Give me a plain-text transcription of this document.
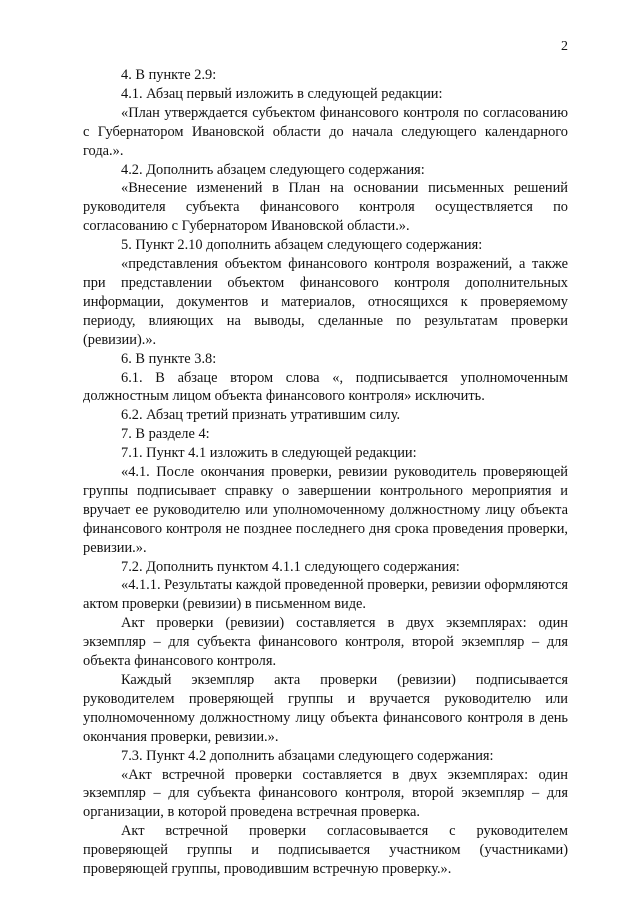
2

4. В пункте 2.9:

4.1. Абзац первый изложить в следующей редакции:

«План утверждается субъектом финансового контроля по согласованию с Губернатором Ивановской области до начала следующего календарного года.».

4.2. Дополнить абзацем следующего содержания:

«Внесение изменений в План на основании письменных решений руководителя субъекта финансового контроля осуществляется по согласованию с Губернатором Ивановской области.».

5. Пункт 2.10 дополнить абзацем следующего содержания:

«представления объектом финансового контроля возражений, а также при представлении объектом финансового контроля дополнительных информации, документов и материалов, относящихся к проверяемому периоду, влияющих на выводы, сделанные по результатам проверки (ревизии).».

6. В пункте 3.8:

6.1. В абзаце втором слова «, подписывается уполномоченным должностным лицом объекта финансового контроля» исключить.

6.2. Абзац третий признать утратившим силу.

7. В разделе 4:

7.1. Пункт 4.1 изложить в следующей редакции:

«4.1. После окончания проверки, ревизии руководитель проверяющей группы подписывает справку о завершении контрольного мероприятия и вручает ее руководителю или уполномоченному должностному лицу объекта финансового контроля не позднее последнего дня срока проведения проверки, ревизии.».

7.2. Дополнить пунктом 4.1.1 следующего содержания:

«4.1.1. Результаты каждой проведенной проверки, ревизии оформляются актом проверки (ревизии) в письменном виде.

Акт проверки (ревизии) составляется в двух экземплярах: один экземпляр – для субъекта финансового контроля, второй экземпляр – для объекта финансового контроля.

Каждый экземпляр акта проверки (ревизии) подписывается руководителем проверяющей группы и вручается руководителю или уполномоченному должностному лицу объекта финансового контроля в день окончания проверки, ревизии.».

7.3. Пункт 4.2 дополнить абзацами следующего содержания:

«Акт встречной проверки составляется в двух экземплярах: один экземпляр – для субъекта финансового контроля, второй экземпляр – для организации, в которой проведена встречная проверка.

Акт встречной проверки согласовывается с руководителем проверяющей группы и подписывается участником (участниками) проверяющей группы, проводившим встречную проверку.».
